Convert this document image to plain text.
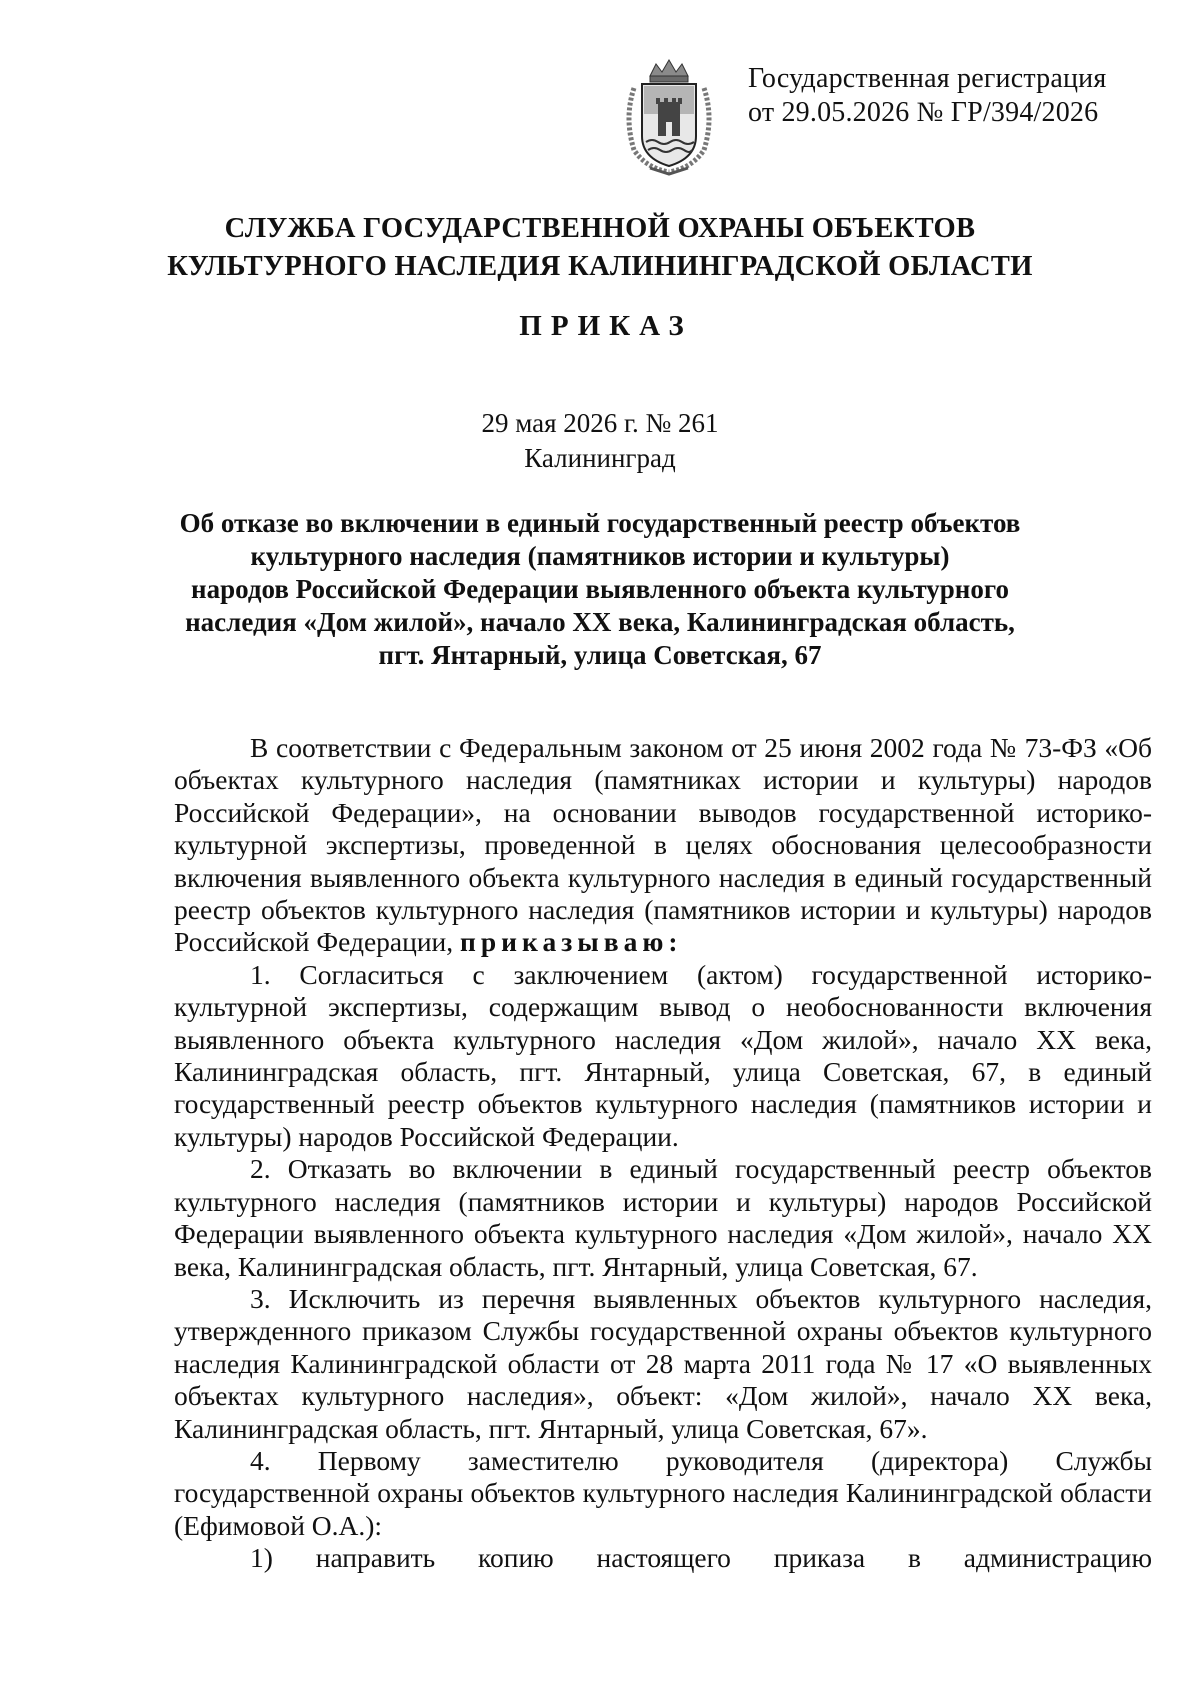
Государственная регистрация
от 29.05.2026 № ГР/394/2026
СЛУЖБА ГОСУДАРСТВЕННОЙ ОХРАНЫ ОБЪЕКТОВ
КУЛЬТУРНОГО НАСЛЕДИЯ КАЛИНИНГРАДСКОЙ ОБЛАСТИ
ПРИКАЗ
29 мая 2026 г. № 261
Калининград
Об отказе во включении в единый государственный реестр объектов
культурного наследия (памятников истории и культуры)
народов Российской Федерации выявленного объекта культурного
наследия «Дом жилой», начало XX века, Калининградская область,
пгт. Янтарный, улица Советская, 67

В соответствии с Федеральным законом от 25 июня 2002 года № 73-ФЗ «Об объектах культурного наследия (памятниках истории и культуры) народов Российской Федерации», на основании выводов государственной историко-культурной экспертизы, проведенной в целях обоснования целесообразности включения выявленного объекта культурного наследия в единый государственный реестр объектов культурного наследия (памятников истории и культуры) народов Российской Федерации, приказываю:

1. Согласиться с заключением (актом) государственной историко-культурной экспертизы, содержащим вывод о необоснованности включения выявленного объекта культурного наследия «Дом жилой», начало XX века, Калининградская область, пгт. Янтарный, улица Советская, 67, в единый государственный реестр объектов культурного наследия (памятников истории и культуры) народов Российской Федерации.

2. Отказать во включении в единый государственный реестр объектов культурного наследия (памятников истории и культуры) народов Российской Федерации выявленного объекта культурного наследия «Дом жилой», начало XX века, Калининградская область, пгт. Янтарный, улица Советская, 67.

3. Исключить из перечня выявленных объектов культурного наследия, утвержденного приказом Службы государственной охраны объектов культурного наследия Калининградской области от 28 марта 2011 года № 17 «О выявленных объектах культурного наследия», объект: «Дом жилой», начало XX века, Калининградская область, пгт. Янтарный, улица Советская, 67».

4. Первому заместителю руководителя (директора) Службы государственной охраны объектов культурного наследия Калининградской области (Ефимовой О.А.):

1) направить копию настоящего приказа в администрацию
